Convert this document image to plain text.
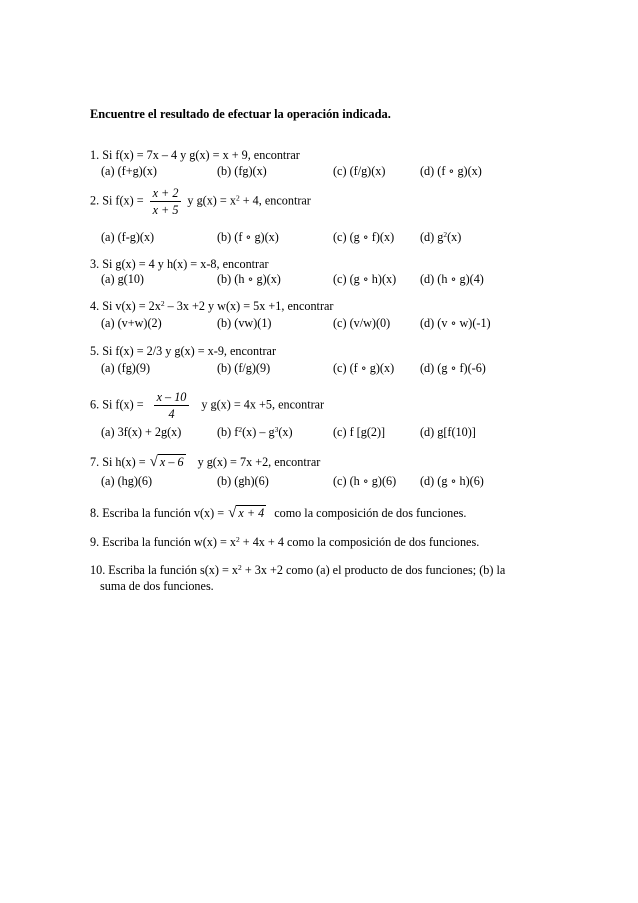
Encuentre el resultado de efectuar la operación indicada.
1. Si f(x) = 7x – 4 y g(x) = x + 9, encontrar
(a) (f+g)(x)	(b) (fg)(x)	(c) (f/g)(x)	(d) (f ∘ g)(x)
2. Si $f(x) = \frac{x + 2}{x + 5}$ y $g(x) = x^2 + 4$, encontrar
(a) (f-g)(x)	(b) (f ∘ g)(x)	(c) (g ∘ f)(x) (d) $g^2(x)$
3. Si g(x) = 4 y h(x) = x-8, encontrar
(a) g(10)	(b) (h ∘ g)(x)	(c) (g ∘ h)(x) (d) (h ∘ g)(4)
4. Si $v(x) = 2x^2 - 3x +2$ y w(x) = 5x +1, encontrar
(a) (v+w)(2)	(b) (vw)(1)	(c) (v/w)(0) (d) (v ∘ w)(-1)
5. Si f(x) = 2/3 y g(x) = x-9, encontrar
(a) (fg)(9)	(b) (f/g)(9)	(c) (f ∘ g)(x) (d) (g ∘ f)(-6)
6. Si $f(x) = \frac{x - 10}{4}$ y g(x) = 4x +5, encontrar
(a) 3f(x) + 2g(x)	(b) $f^2(x) - g^3(x)$	(c) f [g(2)]	(d) g[f(10)]
7. Si h(x) = √ x – 6 y g(x) = 7x +2, encontrar
(a) (hg)(6)	(b) (gh)(6)	(c) (h ∘ g)(6) (d) (g ∘ h)(6)
8. Escriba la función v(x) = √ x + 4 como la composición de dos funciones.
9. Escriba la función $w(x) = x^2 + 4x + 4$ como la composición de dos funciones.
10. Escriba la función $s(x) = x^2 + 3x +2$ como (a) el producto de dos funciones; (b) la
suma de dos funciones.
